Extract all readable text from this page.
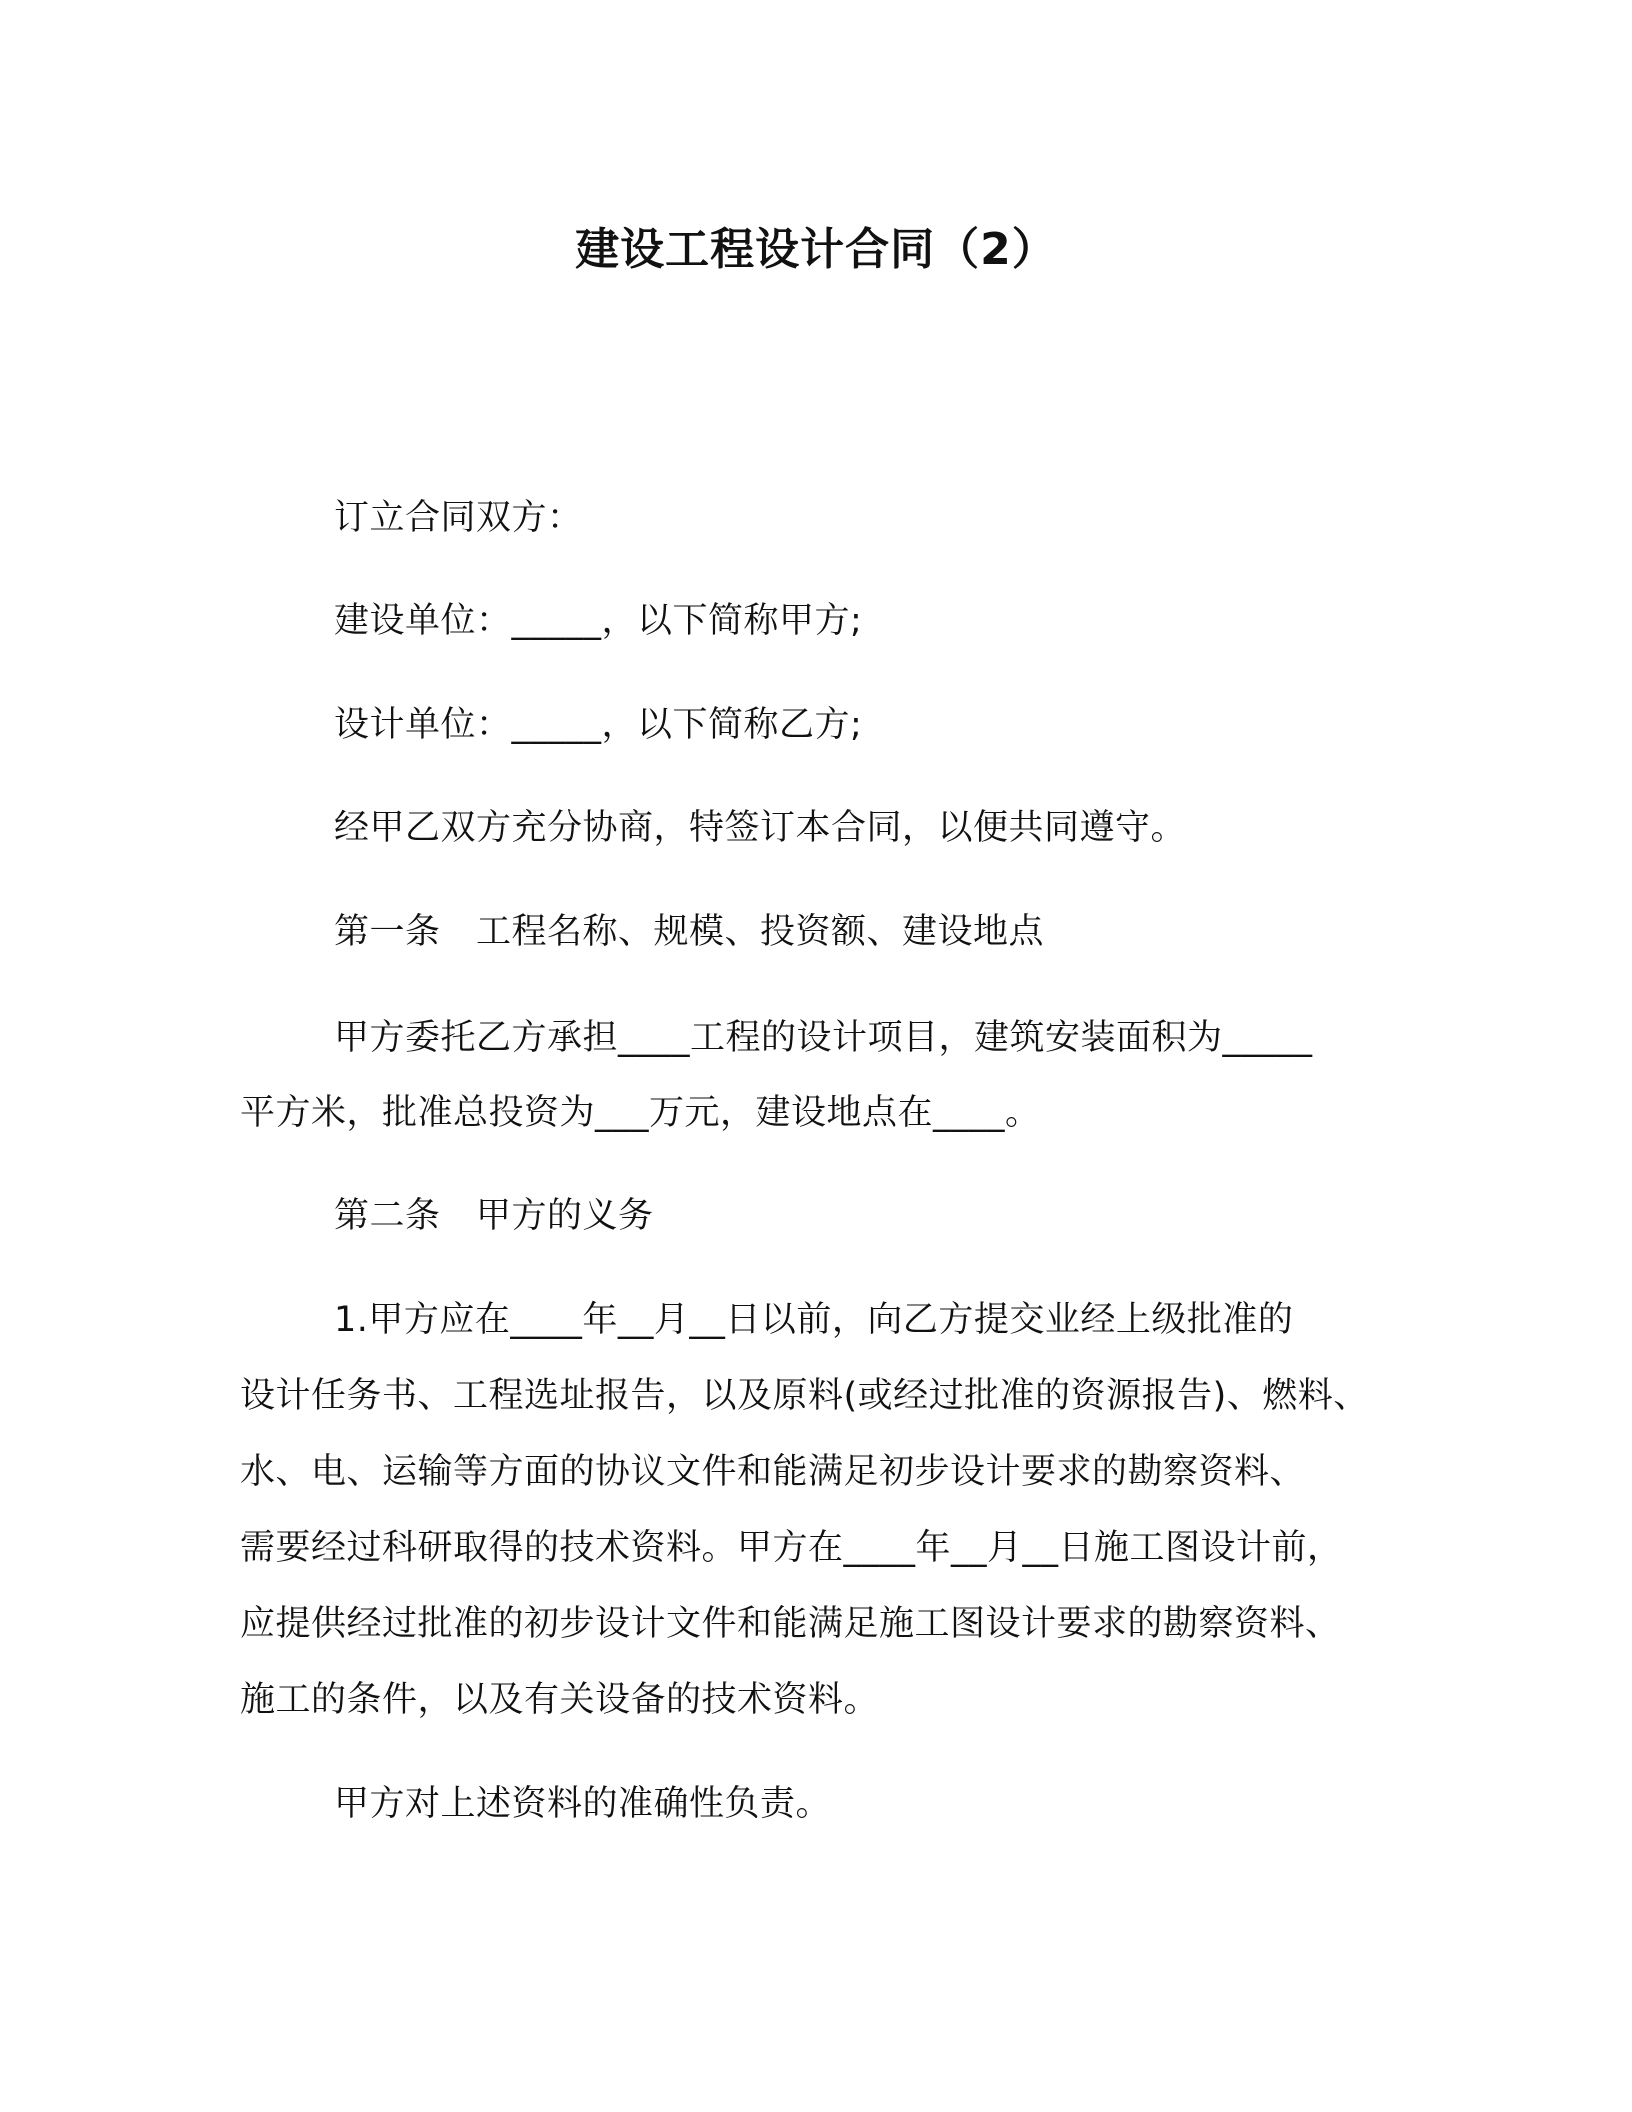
建设工程设计合同（2）
订立合同双方：
建设单位：_____，以下简称甲方;
设计单位：_____，以下简称乙方;
经甲乙双方充分协商，特签订本合同，以便共同遵守。
第一条　工程名称、规模、投资额、建设地点
甲方委托乙方承担____工程的设计项目，建筑安装面积为_____
平方米，批准总投资为___万元，建设地点在____。
第二条　甲方的义务
1.甲方应在____年__月__日以前，向乙方提交业经上级批准的
设计任务书、工程选址报告，以及原料(或经过批准的资源报告)、燃料、
水、电、运输等方面的协议文件和能满足初步设计要求的勘察资料、
需要经过科研取得的技术资料。甲方在____年__月__日施工图设计前，
应提供经过批准的初步设计文件和能满足施工图设计要求的勘察资料、
施工的条件，以及有关设备的技术资料。
甲方对上述资料的准确性负责。
